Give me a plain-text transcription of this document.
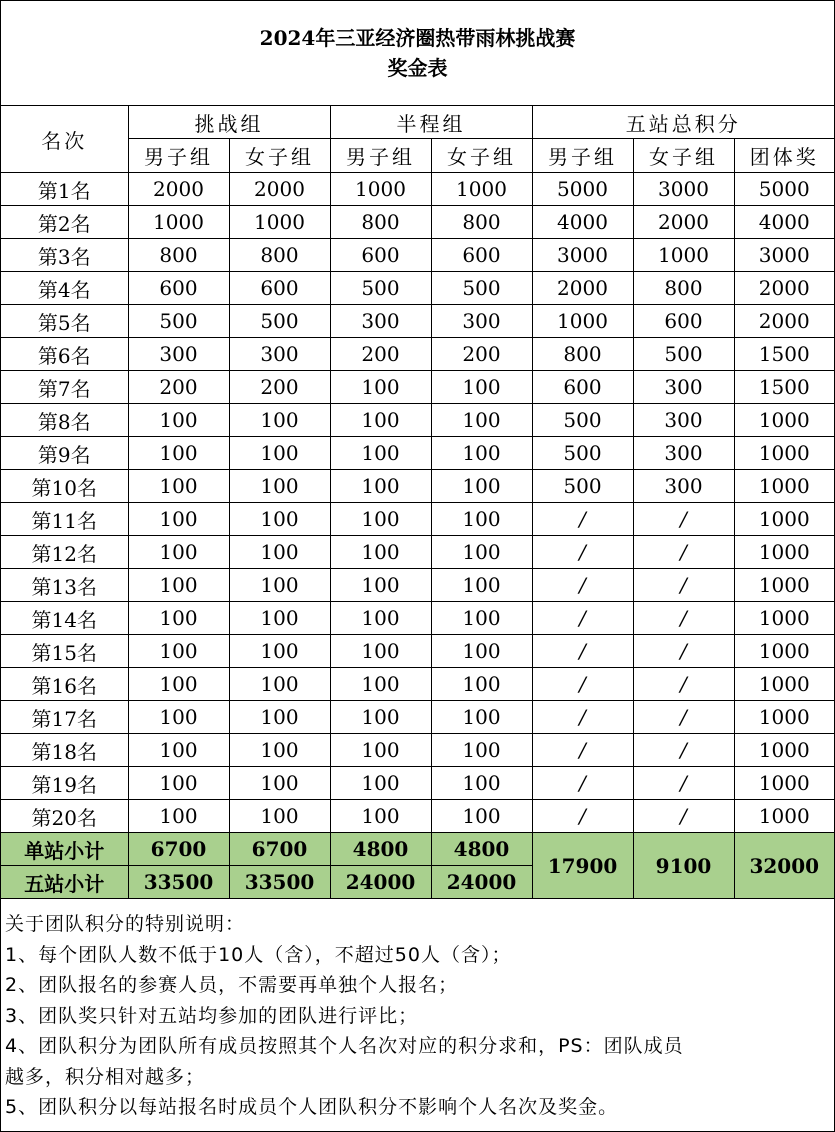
2024年三亚经济圈热带雨林挑战赛
奖金表
名次	挑战组		半程组		五站总积分		
	男子组	女子组	男子组	女子组	男子组	女子组	团体奖
第1名	2000	2000	1000	1000	5000	3000	5000
第2名	1000	1000	800	800	4000	2000	4000
第3名	800	800	600	600	3000	1000	3000
第4名	600	600	500	500	2000	800	2000
第5名	500	500	300	300	1000	600	2000
第6名	300	300	200	200	800	500	1500
第7名	200	200	100	100	600	300	1500
第8名	100	100	100	100	500	300	1000
第9名	100	100	100	100	500	300	1000
第10名	100	100	100	100	500	300	1000
第11名	100	100	100	100	/	/	1000
第12名	100	100	100	100	/	/	1000
第13名	100	100	100	100	/	/	1000
第14名	100	100	100	100	/	/	1000
第15名	100	100	100	100	/	/	1000
第16名	100	100	100	100	/	/	1000
第17名	100	100	100	100	/	/	1000
第18名	100	100	100	100	/	/	1000
第19名	100	100	100	100	/	/	1000
第20名	100	100	100	100	/	/	1000
单站小计	6700	6700	4800	4800	17900	9100	32000
五站小计	33500	33500	24000	24000			
关于团队积分的特别说明：
1、每个团队人数不低于10人（含），不超过50人（含）；
2、团队报名的参赛人员，不需要再单独个人报名；
3、团队奖只针对五站均参加的团队进行评比；
4、团队积分为团队所有成员按照其个人名次对应的积分求和，PS：团队成员
越多，积分相对越多；
5、团队积分以每站报名时成员个人团队积分不影响个人名次及奖金。
